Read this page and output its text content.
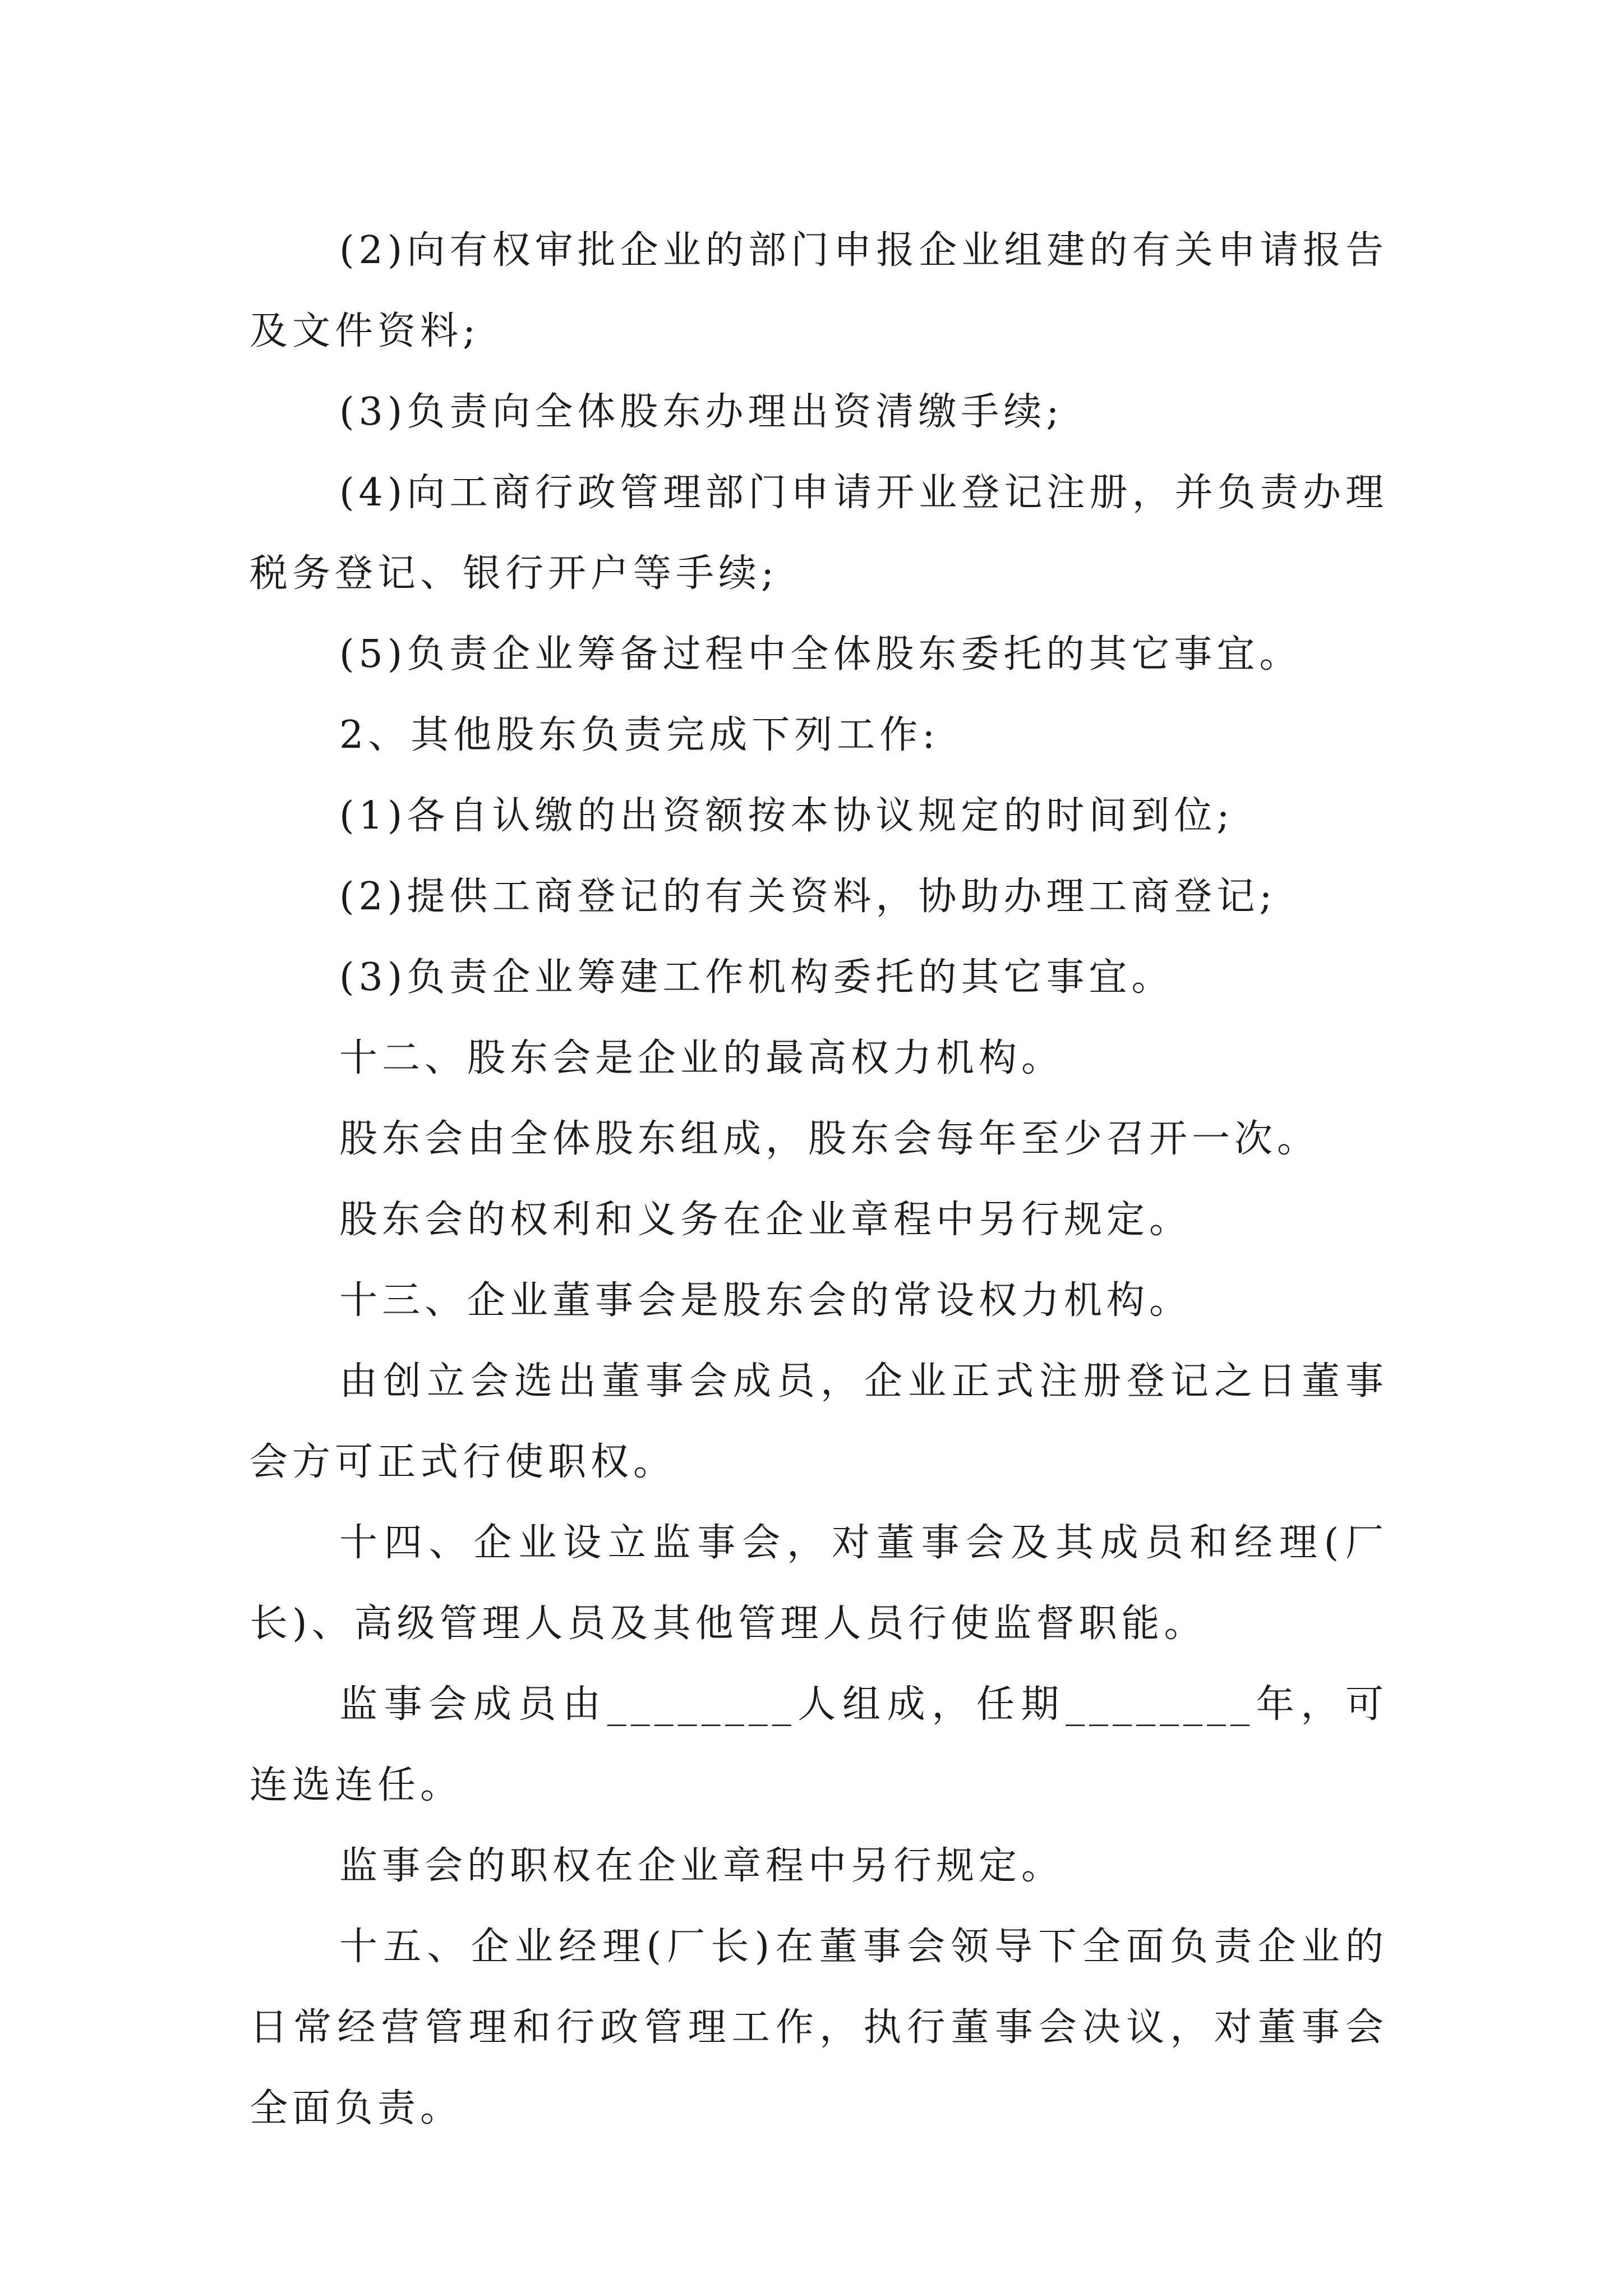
(2)向有权审批企业的部门申报企业组建的有关申请报告及文件资料;

(3)负责向全体股东办理出资清缴手续;

(4)向工商行政管理部门申请开业登记注册，并负责办理税务登记、银行开户等手续;

(5)负责企业筹备过程中全体股东委托的其它事宜。

2、其他股东负责完成下列工作:

(1)各自认缴的出资额按本协议规定的时间到位;

(2)提供工商登记的有关资料，协助办理工商登记;

(3)负责企业筹建工作机构委托的其它事宜。

十二、股东会是企业的最高权力机构。

股东会由全体股东组成，股东会每年至少召开一次。

股东会的权利和义务在企业章程中另行规定。

十三、企业董事会是股东会的常设权力机构。

由创立会选出董事会成员，企业正式注册登记之日董事会方可正式行使职权。

十四、企业设立监事会，对董事会及其成员和经理(厂长)、高级管理人员及其他管理人员行使监督职能。

监事会成员由________人组成，任期________年，可连选连任。

监事会的职权在企业章程中另行规定。

十五、企业经理(厂长)在董事会领导下全面负责企业的日常经营管理和行政管理工作，执行董事会决议，对董事会全面负责。
